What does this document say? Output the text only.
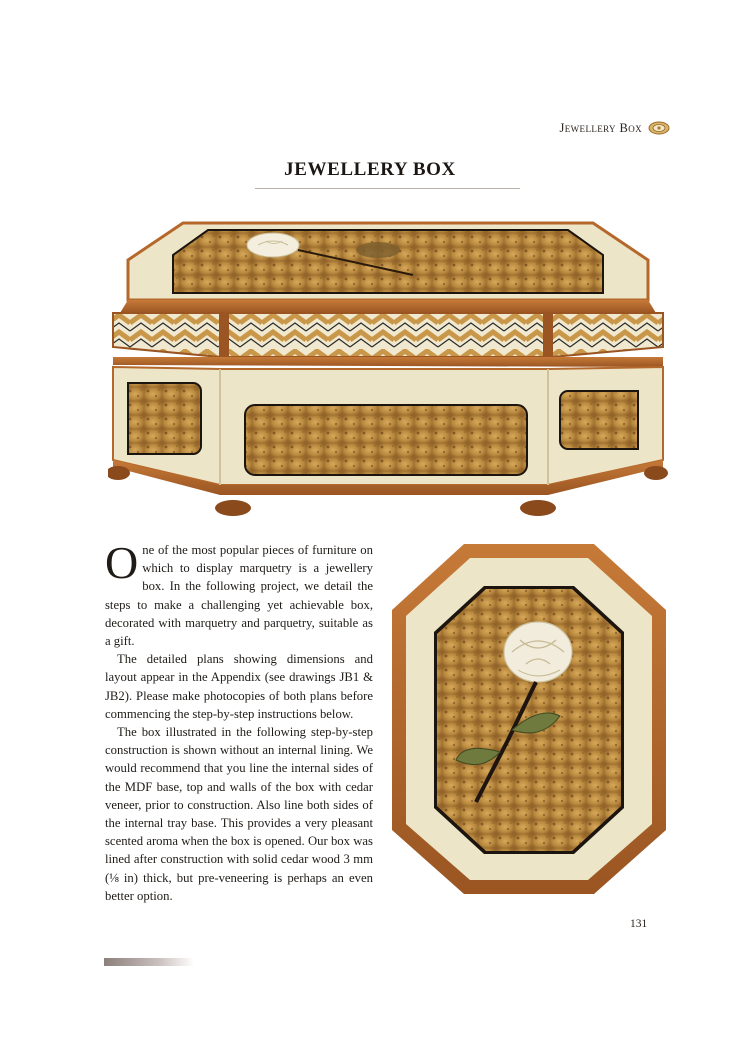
Jewellery Box
JEWELLERY BOX

One of the most popular pieces of furniture on which to display marquetry is a jewellery box. In the following project, we detail the steps to make a challenging yet achievable box, decorated with marquetry and parquetry, suitable as a gift.

The detailed plans showing dimensions and layout appear in the Appendix (see drawings JB1 & JB2). Please make photocopies of both plans before commencing the step-by-step instructions below.

The box illustrated in the following step-by-step construction is shown without an internal lining. We would recommend that you line the internal sides of the MDF base, top and walls of the box with cedar veneer, prior to construction. Also line both sides of the internal tray base. This provides a very pleasant scented aroma when the box is opened. Our box was lined after construction with solid cedar wood 3 mm (⅛ in) thick, but pre-veneering is perhaps an even better option.

131
